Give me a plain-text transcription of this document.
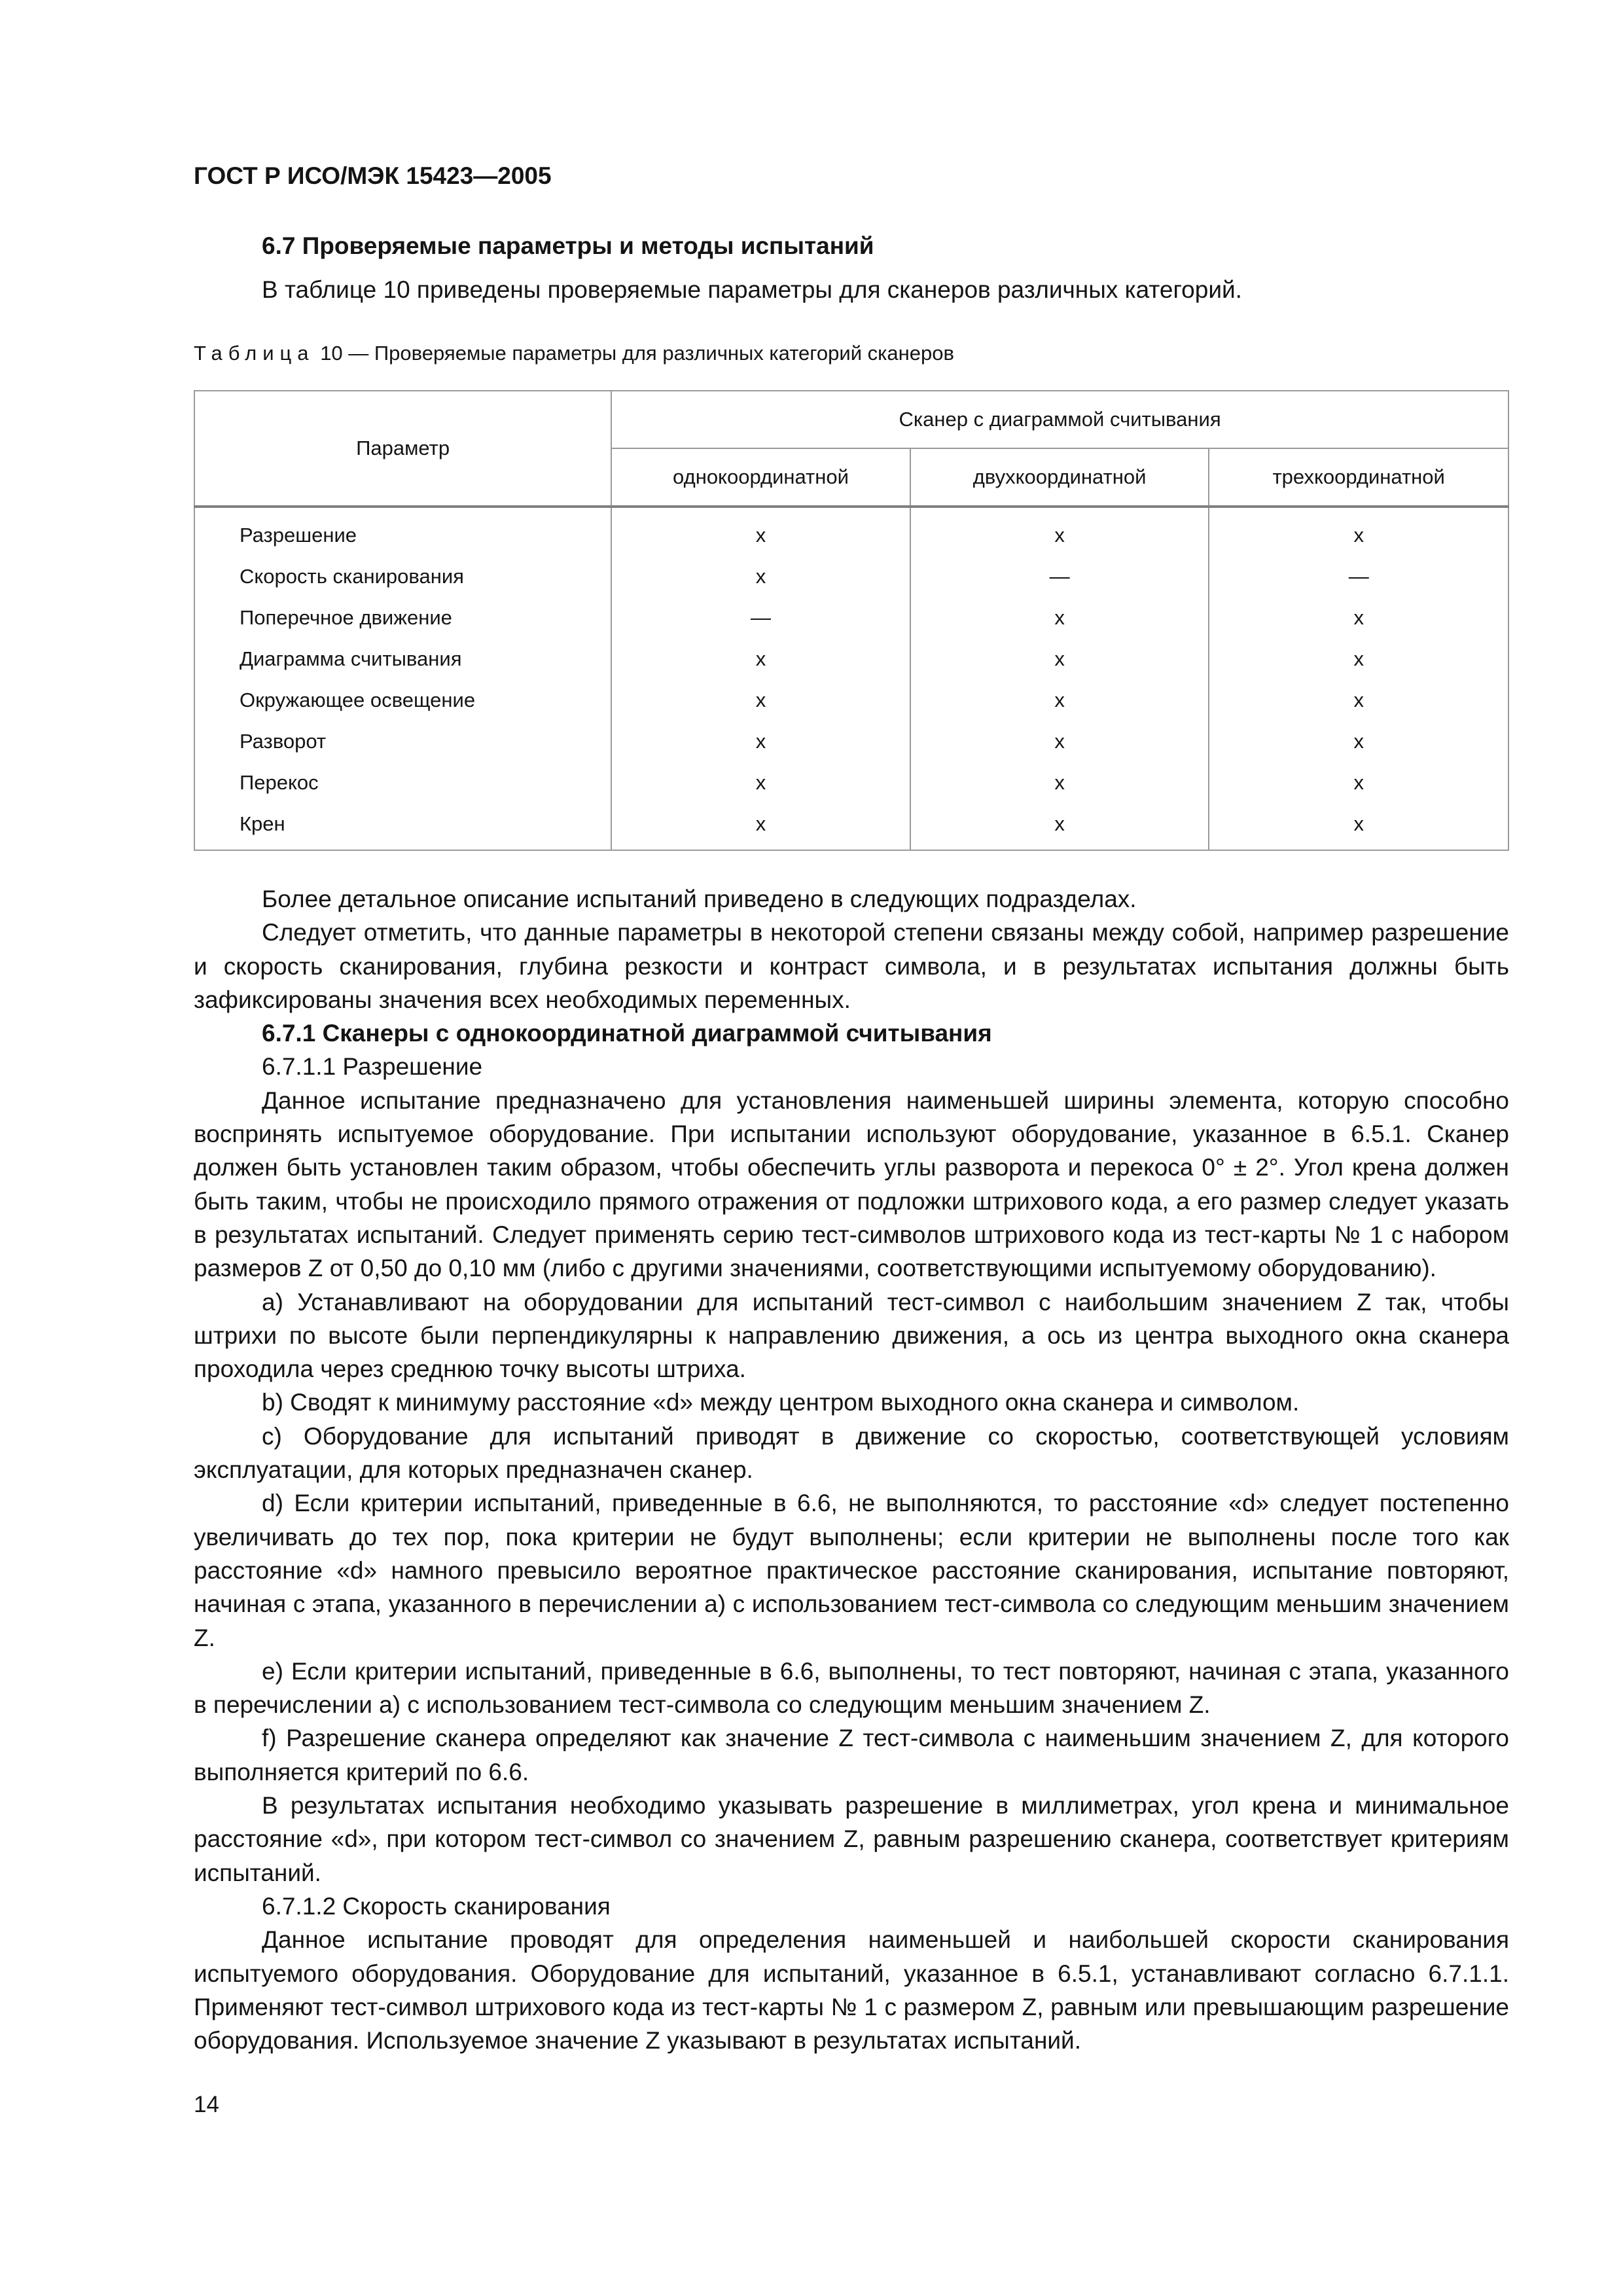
ГОСТ Р ИСО/МЭК 15423—2005
6.7 Проверяемые параметры и методы испытаний
В таблице 10 приведены проверяемые параметры для сканеров различных категорий.
Таблица 10 — Проверяемые параметры для различных категорий сканеров
Параметр	Сканер с диаграммой считывания		
	однокоординатной	двухкоординатной	трехкоординатной
Разрешение	x	x	x
Скорость сканирования	x	—	—
Поперечное движение	—	x	x
Диаграмма считывания	x	x	x
Окружающее освещение	x	x	x
Разворот	x	x	x
Перекос	x	x	x
Крен	x	x	x

Более детальное описание испытаний приведено в следующих подразделах.

Следует отметить, что данные параметры в некоторой степени связаны между собой, например разрешение и скорость сканирования, глубина резкости и контраст символа, и в результатах испытания должны быть зафиксированы значения всех необходимых переменных.

6.7.1 Сканеры с однокоординатной диаграммой считывания

6.7.1.1 Разрешение

Данное испытание предназначено для установления наименьшей ширины элемента, которую способно воспринять испытуемое оборудование. При испытании используют оборудование, указанное в 6.5.1. Сканер должен быть установлен таким образом, чтобы обеспечить углы разворота и перекоса 0° ± 2°. Угол крена должен быть таким, чтобы не происходило прямого отражения от подложки штрихового кода, а его размер следует указать в результатах испытаний. Следует применять серию тест-символов штрихового кода из тест-карты № 1 с набором размеров Z от 0,50 до 0,10 мм (либо с другими значениями, соответствующими испытуемому оборудованию).

а) Устанавливают на оборудовании для испытаний тест-символ с наибольшим значением Z так, чтобы штрихи по высоте были перпендикулярны к направлению движения, а ось из центра выходного окна сканера проходила через среднюю точку высоты штриха.

b) Сводят к минимуму расстояние «d» между центром выходного окна сканера и символом.

c) Оборудование для испытаний приводят в движение со скоростью, соответствующей условиям эксплуатации, для которых предназначен сканер.

d) Если критерии испытаний, приведенные в 6.6, не выполняются, то расстояние «d» следует постепенно увеличивать до тех пор, пока критерии не будут выполнены; если критерии не выполнены после того как расстояние «d» намного превысило вероятное практическое расстояние сканирования, испытание повторяют, начиная с этапа, указанного в перечислении а) с использованием тест-символа со следующим меньшим значением Z.

e) Если критерии испытаний, приведенные в 6.6, выполнены, то тест повторяют, начиная с этапа, указанного в перечислении а) с использованием тест-символа со следующим меньшим значением Z.

f) Разрешение сканера определяют как значение Z тест-символа с наименьшим значением Z, для которого выполняется критерий по 6.6.

В результатах испытания необходимо указывать разрешение в миллиметрах, угол крена и минимальное расстояние «d», при котором тест-символ со значением Z, равным разрешению сканера, соответствует критериям испытаний.

6.7.1.2 Скорость сканирования

Данное испытание проводят для определения наименьшей и наибольшей скорости сканирования испытуемого оборудования. Оборудование для испытаний, указанное в 6.5.1, устанавливают согласно 6.7.1.1. Применяют тест-символ штрихового кода из тест-карты № 1 с размером Z, равным или превышающим разрешение оборудования. Используемое значение Z указывают в результатах испытаний.

14
